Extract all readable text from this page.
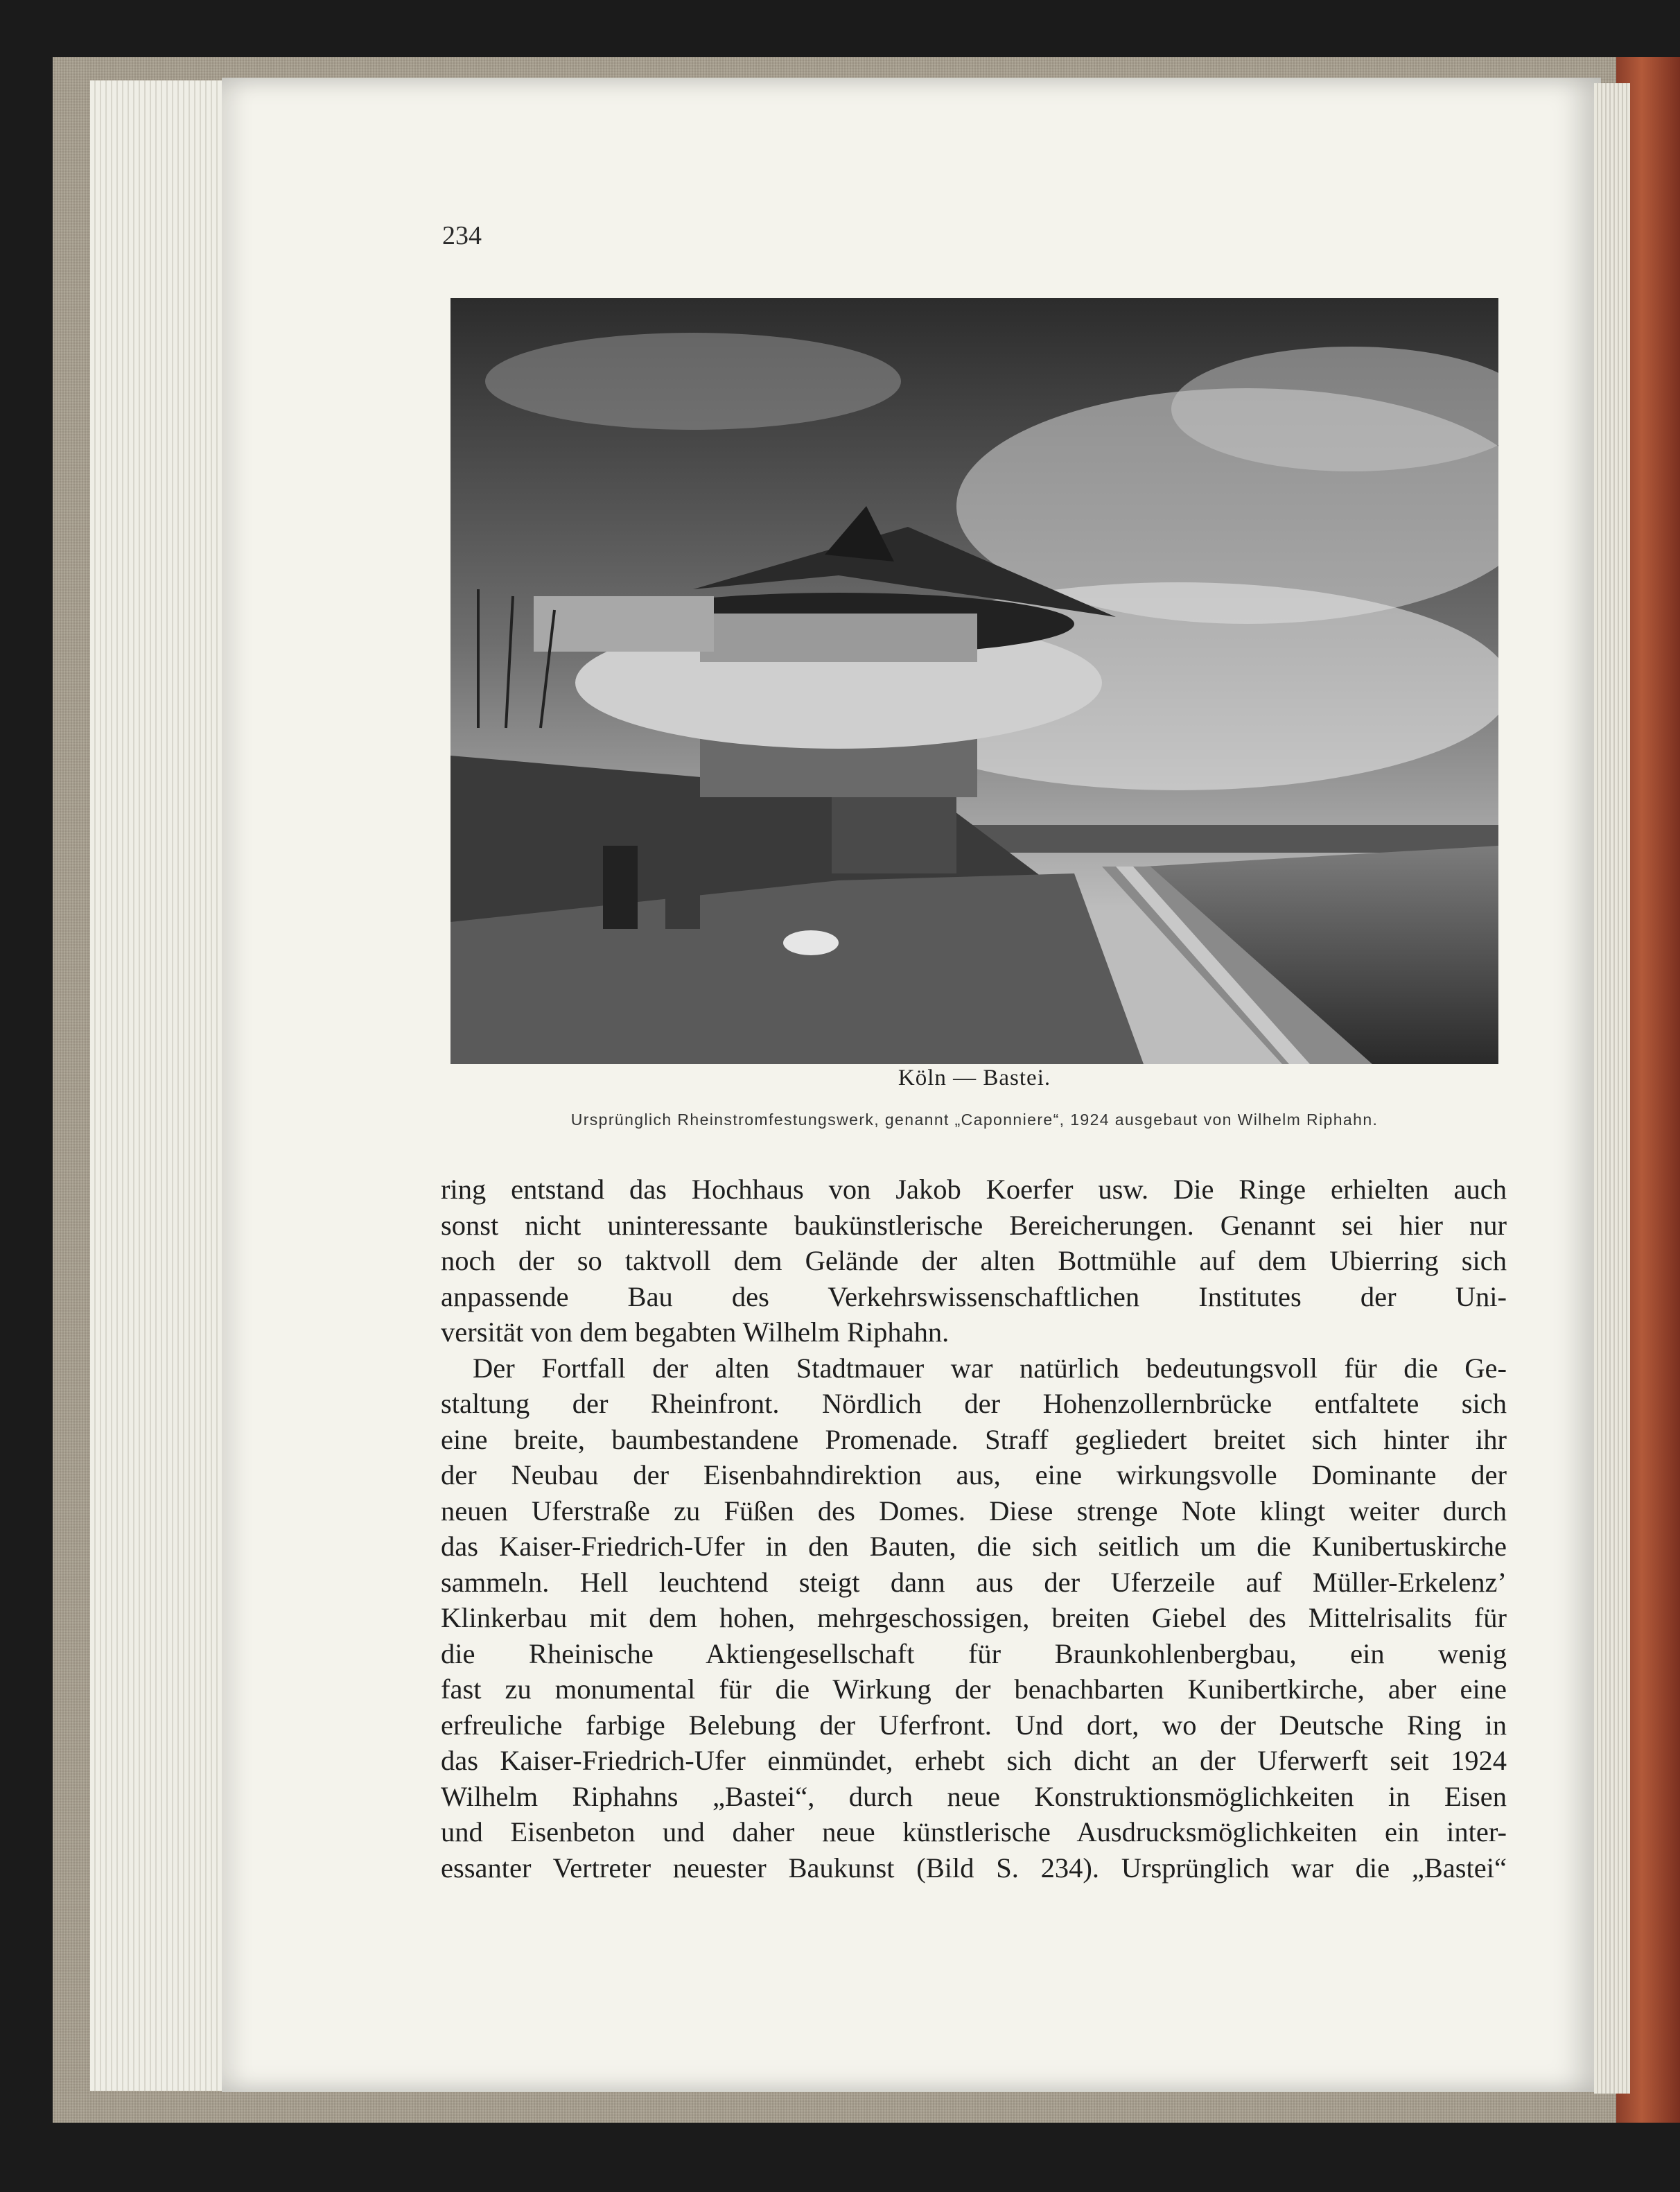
234
Köln — Bastei.
Ursprünglich Rheinstromfestungswerk, genannt „Caponniere“, 1924 ausgebaut von Wilhelm Riphahn.
ring entstand das Hochhaus von Jakob Koerfer usw. Die Ringe erhielten auch
sonst nicht uninteressante baukünstlerische Bereicherungen. Genannt sei hier nur
noch der so taktvoll dem Gelände der alten Bottmühle auf dem Ubierring sich
anpassende Bau des Verkehrswissenschaftlichen Institutes der Uni-
versität von dem begabten Wilhelm Riphahn.
Der Fortfall der alten Stadtmauer war natürlich bedeutungsvoll für die Ge-
staltung der Rheinfront. Nördlich der Hohenzollernbrücke entfaltete sich
eine breite, baumbestandene Promenade. Straff gegliedert breitet sich hinter ihr
der Neubau der Eisenbahndirektion aus, eine wirkungsvolle Dominante der
neuen Uferstraße zu Füßen des Domes. Diese strenge Note klingt weiter durch
das Kaiser-Friedrich-Ufer in den Bauten, die sich seitlich um die Kunibertuskirche
sammeln. Hell leuchtend steigt dann aus der Uferzeile auf Müller-Erkelenz’
Klinkerbau mit dem hohen, mehrgeschossigen, breiten Giebel des Mittelrisalits für
die Rheinische Aktiengesellschaft für Braunkohlenbergbau, ein wenig
fast zu monumental für die Wirkung der benachbarten Kunibertkirche, aber eine
erfreuliche farbige Belebung der Uferfront. Und dort, wo der Deutsche Ring in
das Kaiser-Friedrich-Ufer einmündet, erhebt sich dicht an der Uferwerft seit 1924
Wilhelm Riphahns „Bastei“, durch neue Konstruktionsmöglichkeiten in Eisen
und Eisenbeton und daher neue künstlerische Ausdrucksmöglichkeiten ein inter-
essanter Vertreter neuester Baukunst (Bild S. 234). Ursprünglich war die „Bastei“
